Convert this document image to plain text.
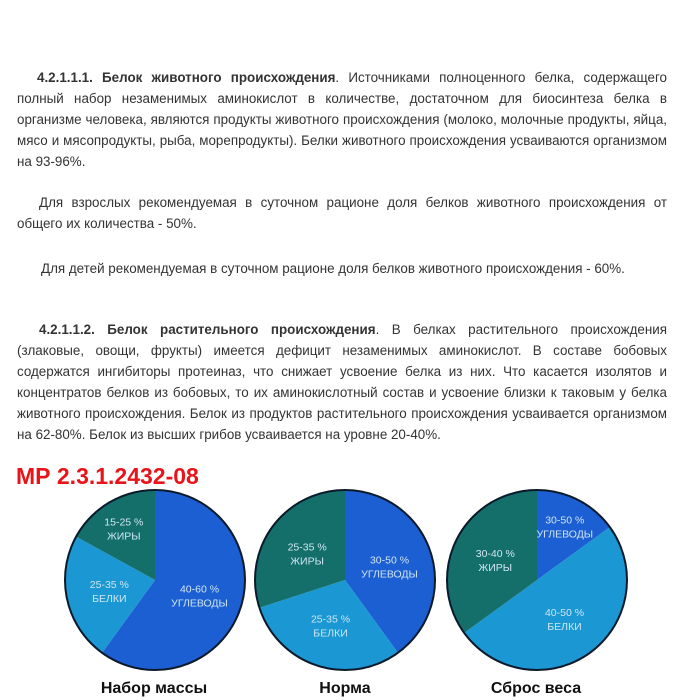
4.2.1.1.1. Белок животного происхождения. Источниками полноценного белка, содержащего полный набор незаменимых аминокислот в количестве, достаточном для биосинтеза белка в организме человека, являются продукты животного происхождения (молоко, молочные продукты, яйца, мясо и мясопродукты, рыба, морепродукты). Белки животного происхождения усваиваются организмом на 93-96%.

Для взрослых рекомендуемая в суточном рационе доля белков животного происхождения от общего их количества - 50%.

Для детей рекомендуемая в суточном рационе доля белков животного происхождения - 60%.

4.2.1.1.2. Белок растительного происхождения. В белках растительного происхождения (злаковые, овощи, фрукты) имеется дефицит незаменимых аминокислот. В составе бобовых содержатся ингибиторы протеиназ, что снижает усвоение белка из них. Что касается изолятов и концентратов белков из бобовых, то их аминокислотный состав и усвоение близки к таковым у белка животного происхождения. Белок из продуктов растительного происхождения усваивается организмом на 62-80%. Белок из высших грибов усваивается на уровне 20-40%.

МР 2.3.1.2432-08
40-60 %
УГЛЕВОДЫ
25-35 %
БЕЛКИ
15-25 %
ЖИРЫ
30-50 %
УГЛЕВОДЫ
25-35 %
БЕЛКИ
25-35 %
ЖИРЫ
30-50 %
УГЛЕВОДЫ
40-50 %
БЕЛКИ
30-40 %
ЖИРЫ
Набор массы	Норма	Сброс веса
